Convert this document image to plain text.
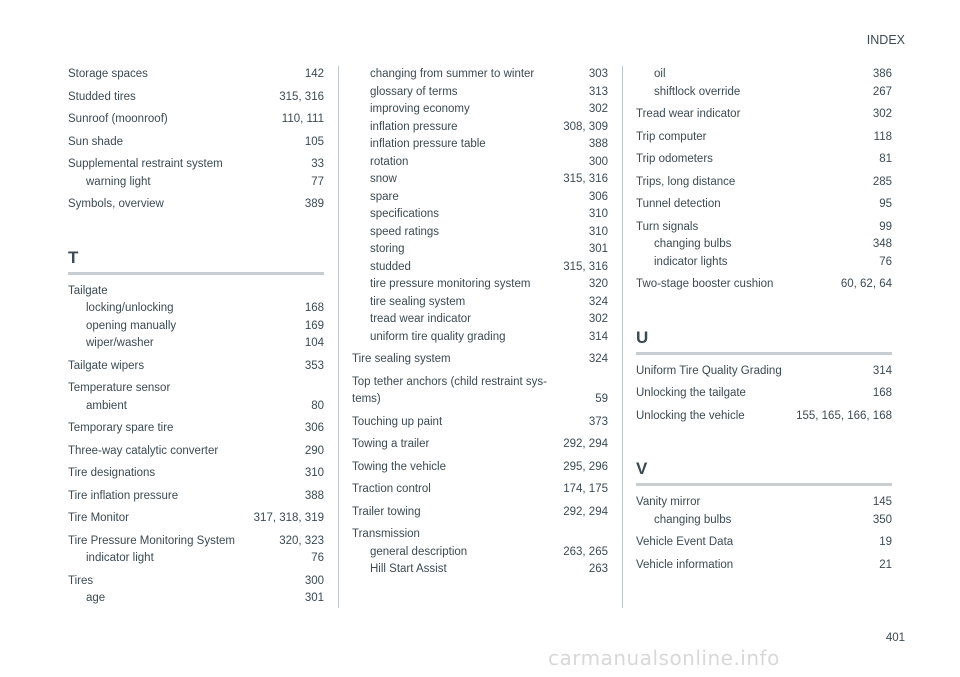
INDEX
Storage spaces	142
Studded tires	315, 316
Sunroof (moonroof)	110, 111
Sun shade	105
Supplemental restraint system	33
warning light	77
Symbols, overview	389
T
Tailgate
locking/unlocking	168
opening manually	169
wiper/washer	104
Tailgate wipers	353
Temperature sensor
ambient	80
Temporary spare tire	306
Three-way catalytic converter	290
Tire designations	310
Tire inflation pressure	388
Tire Monitor	317, 318, 319
Tire Pressure Monitoring System	320, 323
indicator light	76
Tires	300
age	301
changing from summer to winter	303
glossary of terms	313
improving economy	302
inflation pressure	308, 309
inflation pressure table	388
rotation	300
snow	315, 316
spare	306
specifications	310
speed ratings	310
storing	301
studded	315, 316
tire pressure monitoring system	320
tire sealing system	324
tread wear indicator	302
uniform tire quality grading	314
Tire sealing system	324
Top tether anchors (child restraint sys-tems)	59
Touching up paint	373
Towing a trailer	292, 294
Towing the vehicle	295, 296
Traction control	174, 175
Trailer towing	292, 294
Transmission
general description	263, 265
Hill Start Assist	263
oil	386
shiftlock override	267
Tread wear indicator	302
Trip computer	118
Trip odometers	81
Trips, long distance	285
Tunnel detection	95
Turn signals	99
changing bulbs	348
indicator lights	76
Two-stage booster cushion	60, 62, 64
U
Uniform Tire Quality Grading	314
Unlocking the tailgate	168
Unlocking the vehicle	155, 165, 166, 168
V
Vanity mirror	145
changing bulbs	350
Vehicle Event Data	19
Vehicle information	21
401
carmanualsonline.info
